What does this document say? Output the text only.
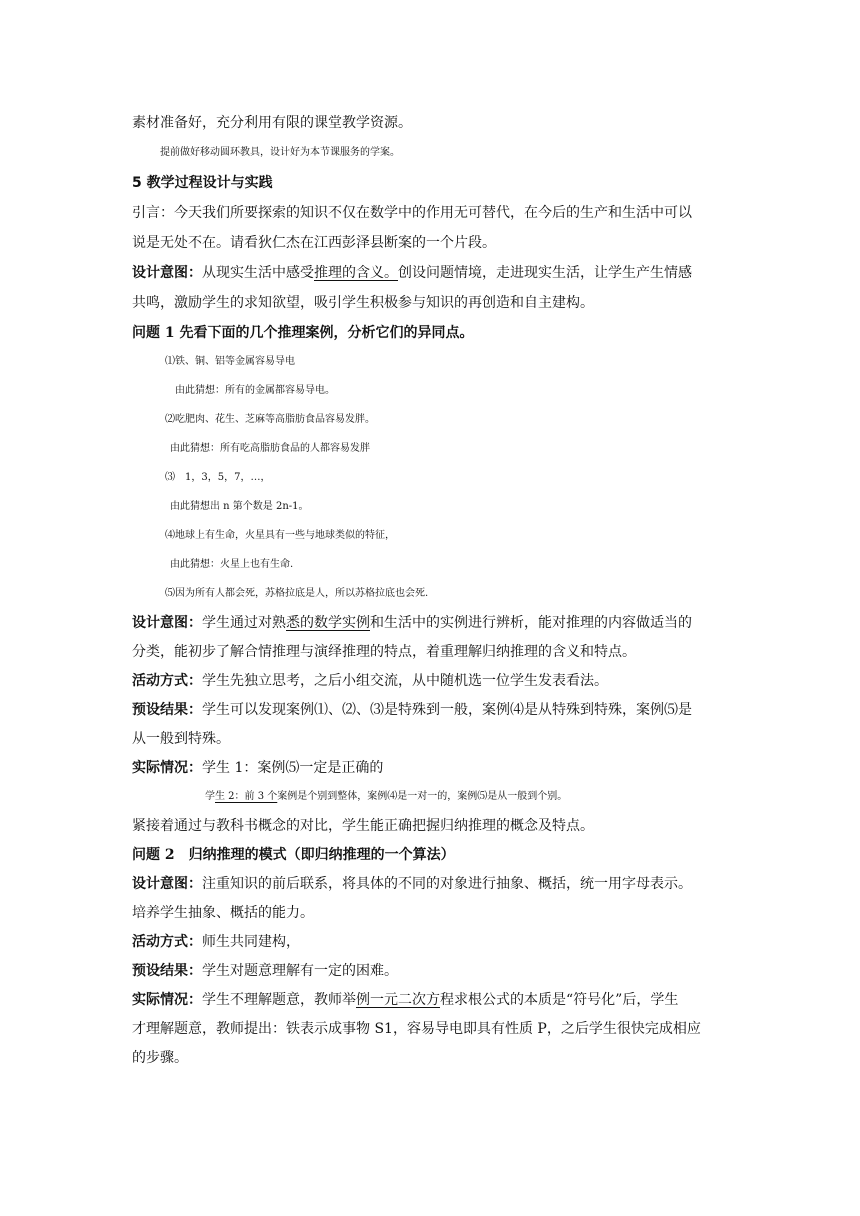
素材准备好，充分利用有限的课堂教学资源。
提前做好移动圆环教具，设计好为本节课服务的学案。
5 教学过程设计与实践
引言：今天我们所要探索的知识不仅在数学中的作用无可替代，在今后的生产和生活中可以
说是无处不在。请看狄仁杰在江西彭泽县断案的一个片段。
设计意图：从现实生活中感受推理的含义。创设问题情境，走进现实生活，让学生产生情感
共鸣，激励学生的求知欲望，吸引学生积极参与知识的再创造和自主建构。
问题 1 先看下面的几个推理案例，分析它们的异同点。
⑴铁、铜、铝等金属容易导电
由此猜想：所有的金属都容易导电。
⑵吃肥肉、花生、芝麻等高脂肪食品容易发胖。
由此猜想：所有吃高脂肪食品的人都容易发胖
⑶　1，3，5，7，…，
由此猜想出 n 第个数是 2n-1。
⑷地球上有生命，火星具有一些与地球类似的特征，
由此猜想：火星上也有生命.
⑸因为所有人都会死，苏格拉底是人，所以苏格拉底也会死.
设计意图：学生通过对熟悉的数学实例和生活中的实例进行辨析，能对推理的内容做适当的
分类，能初步了解合情推理与演绎推理的特点，着重理解归纳推理的含义和特点。
活动方式：学生先独立思考，之后小组交流，从中随机选一位学生发表看法。
预设结果：学生可以发现案例⑴、⑵、⑶是特殊到一般，案例⑷是从特殊到特殊，案例⑸是
从一般到特殊。
实际情况：学生 1：案例⑸一定是正确的
学生 2：前 3 个案例是个别到整体，案例⑷是一对一的，案例⑸是从一般到个别。
紧接着通过与教科书概念的对比，学生能正确把握归纳推理的概念及特点。
问题 2　归纳推理的模式（即归纳推理的一个算法）
设计意图：注重知识的前后联系，将具体的不同的对象进行抽象、概括，统一用字母表示。
培养学生抽象、概括的能力。
活动方式：师生共同建构，
预设结果：学生对题意理解有一定的困难。
实际情况：学生不理解题意，教师举例一元二次方程求根公式的本质是“符号化”后，学生
才理解题意，教师提出：铁表示成事物 S1，容易导电即具有性质 P，之后学生很快完成相应
的步骤。
